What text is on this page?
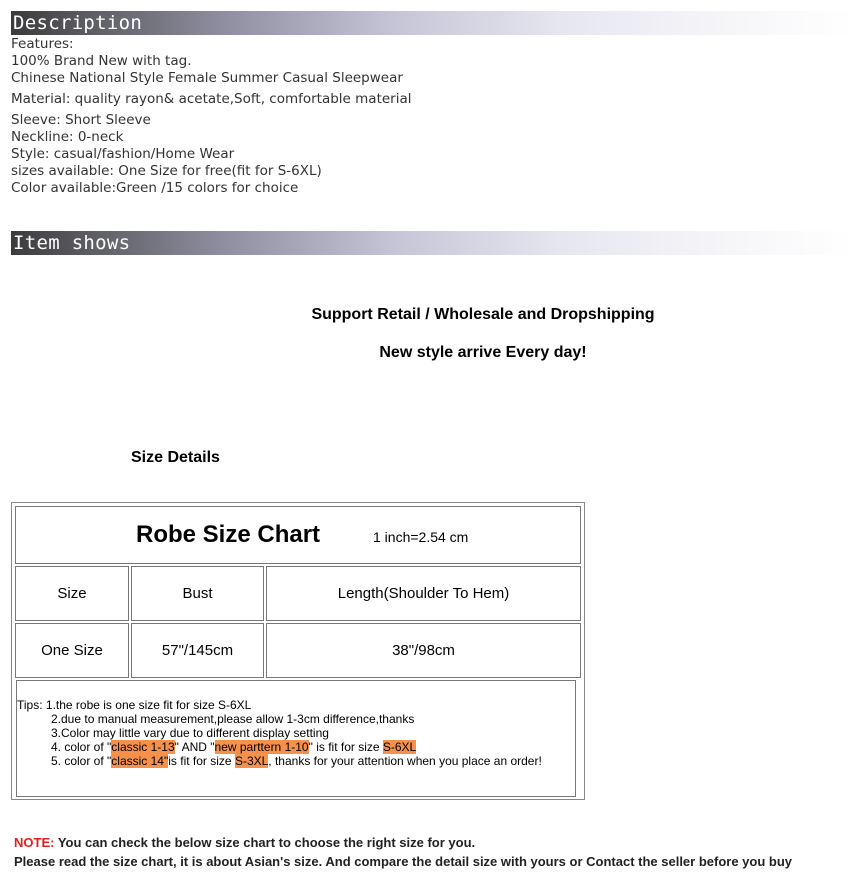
Description
Features:
100% Brand New with tag.
Chinese National Style Female Summer Casual Sleepwear
Material: quality rayon& acetate,Soft, comfortable material
Sleeve: Short Sleeve
Neckline: 0-neck
Style: casual/fashion/Home Wear
sizes available: One Size for free(fit for S-6XL)
Color available:Green /15 colors for choice
Item shows
Support Retail / Wholesale and Dropshipping
New style arrive Every day!
Size Details
Robe Size Chart	1 inch=2.54 cm
Size	Bust	Length(Shoulder To Hem)
One Size	57"/145cm	38"/98cm
Tips: 1.the robe is one size fit for size S-6XL
2.due to manual measurement,please allow 1-3cm difference,thanks
3.Color may little vary due to different display setting
4. color of "classic 1-13" AND "new parttern 1-10" is fit for size S-6XL
5. color of "classic 14"is fit for size S-3XL, thanks for your attention when you place an order!
NOTE: You can check the below size chart to choose the right size for you.
Please read the size chart, it is about Asian's size. And compare the detail size with yours or Contact the seller before you buy
